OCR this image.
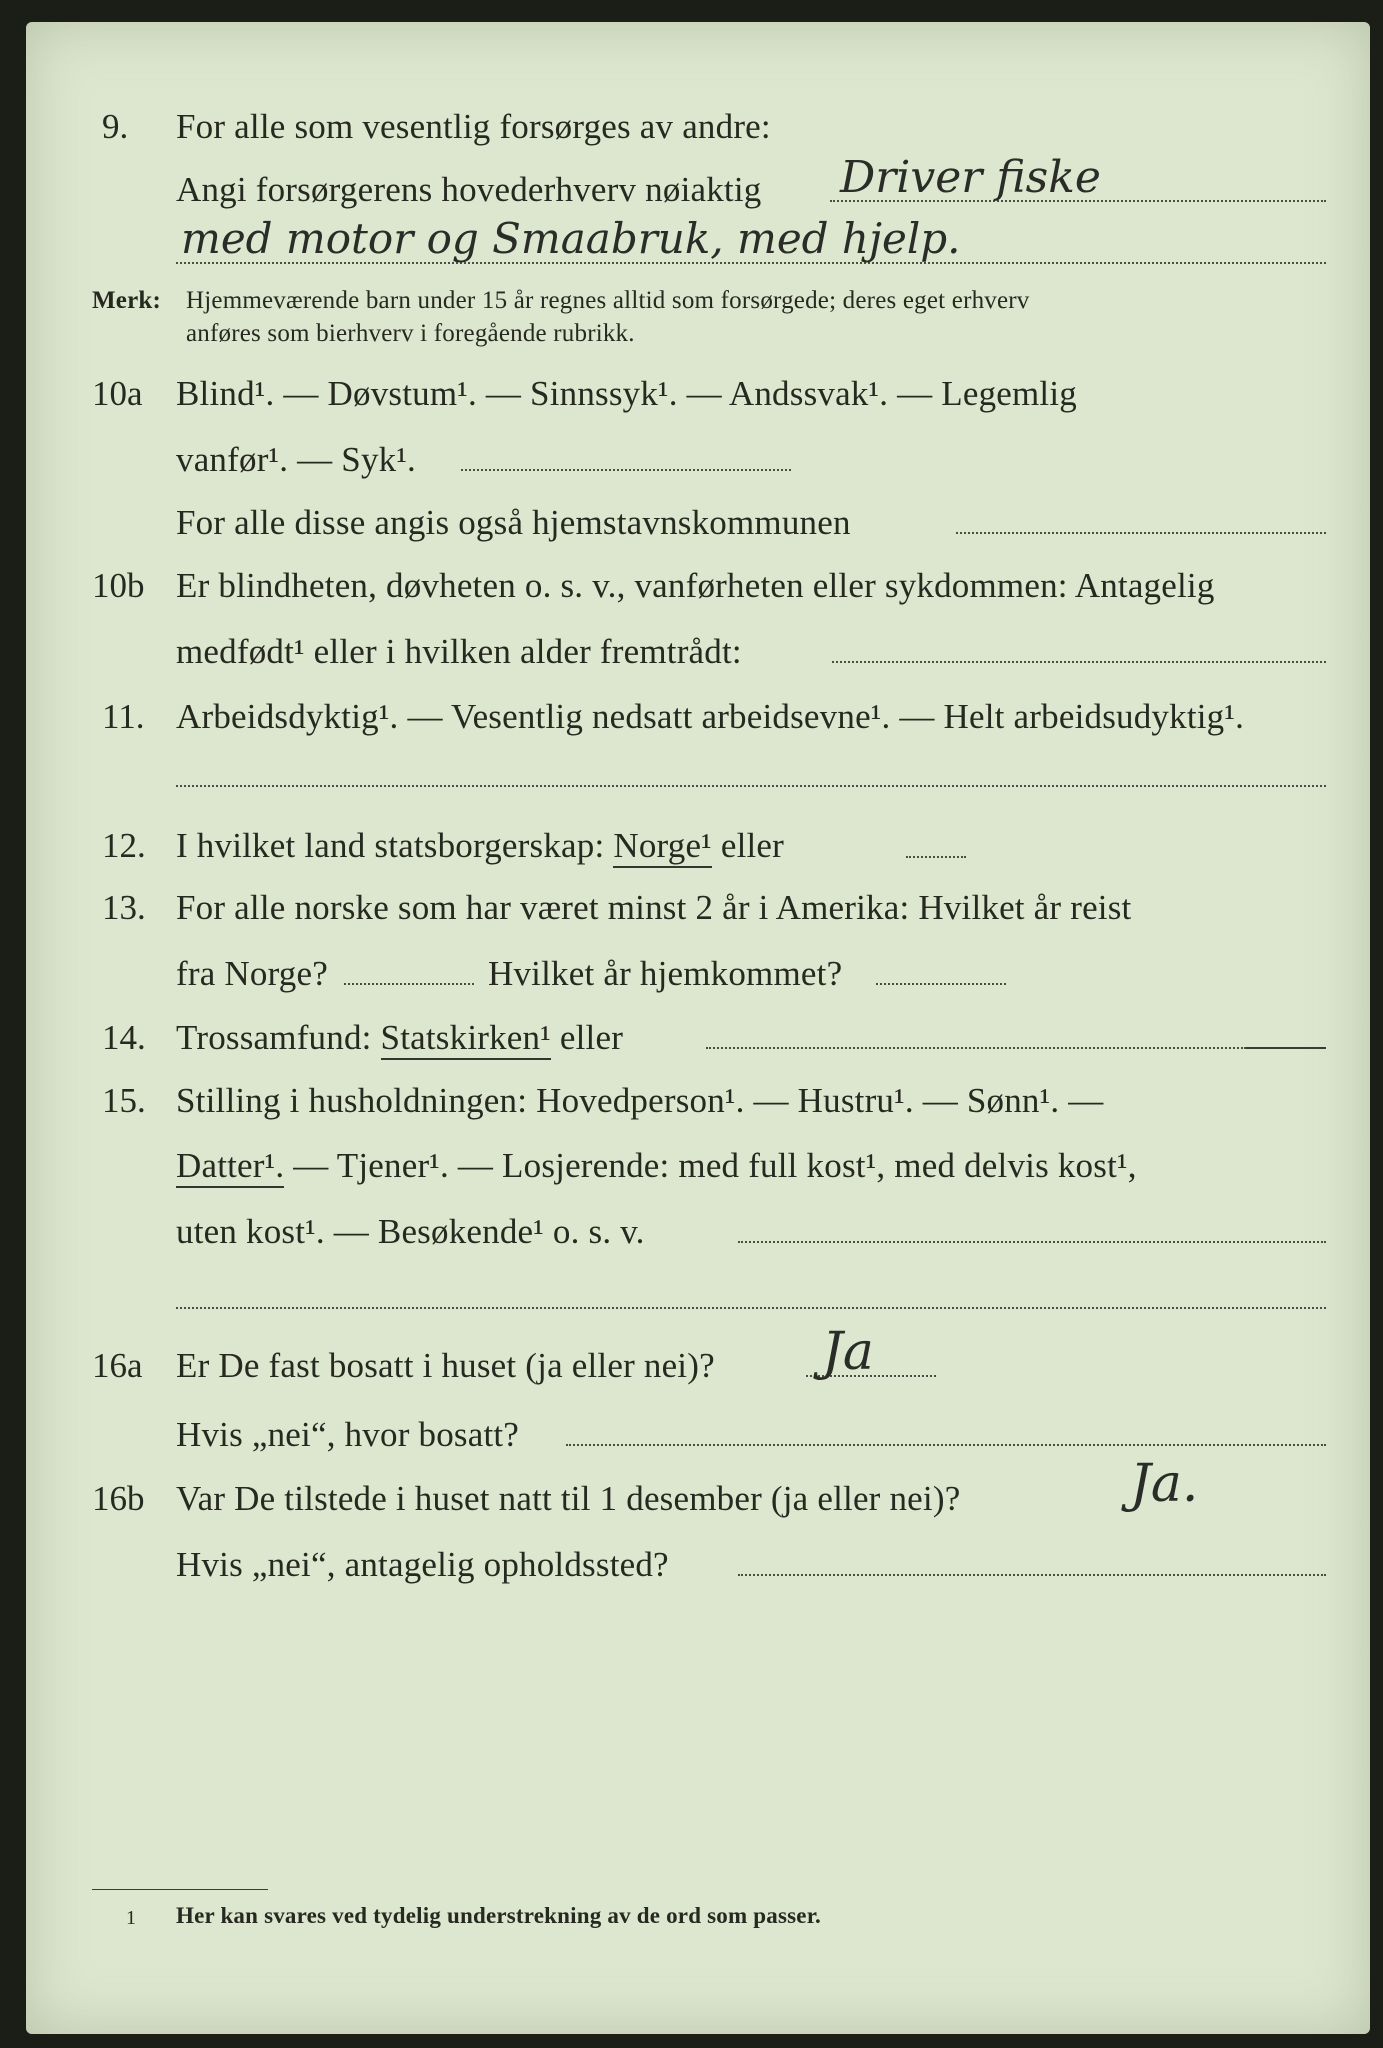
9. For alle som vesentlig forsørges av andre:
Angi forsørgerens hovederhverv nøiaktig Driver fiske
med motor og Smaabruk, med hjelp.
Merk: Hjemmeværende barn under 15 år regnes alltid som forsørgede; deres eget erhverv
anføres som bierhverv i foregående rubrikk.
10a Blind¹. — Døvstum¹. — Sinnssyk¹. — Andssvak¹. — Legemlig
vanfør¹. — Syk¹.
For alle disse angis også hjemstavnskommunen
10b Er blindheten, døvheten o. s. v., vanførheten eller sykdommen: Antagelig
medfødt¹ eller i hvilken alder fremtrådt:
11. Arbeidsdyktig¹. — Vesentlig nedsatt arbeidsevne¹. — Helt arbeidsudyktig¹.
12. I hvilket land statsborgerskap: Norge¹ eller
13. For alle norske som har været minst 2 år i Amerika: Hvilket år reist
fra Norge?	Hvilket år hjemkommet?
14. Trossamfund: Statskirken¹ eller
15. Stilling i husholdningen: Hovedperson¹. — Hustru¹. — Sønn¹. —
Datter¹. — Tjener¹. — Losjerende: med full kost¹, med delvis kost¹,
uten kost¹. — Besøkende¹ o. s. v.
16a Er De fast bosatt i huset (ja eller nei)? Ja
Hvis „nei“, hvor bosatt?
16b Var De tilstede i huset natt til 1 desember (ja eller nei)?	Ja.
Hvis „nei“, antagelig opholdssted?
1 Her kan svares ved tydelig understrekning av de ord som passer.
